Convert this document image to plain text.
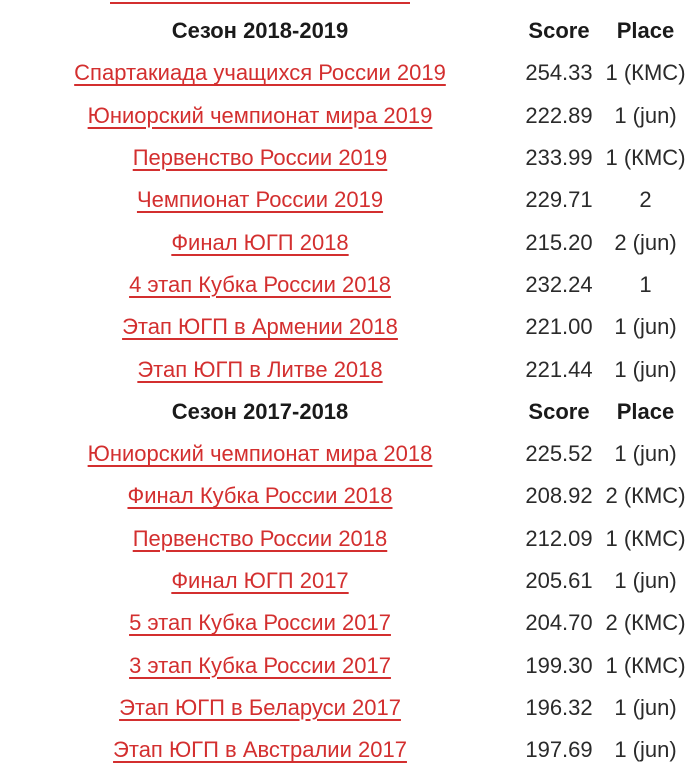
Сезон 2018-2019	Score	Place
Спартакиада учащихся России 2019	254.33	1 (КМС)
Юниорский чемпионат мира 2019	222.89	1 (jun)
Первенство России 2019	233.99	1 (КМС)
Чемпионат России 2019	229.71	2
Финал ЮГП 2018	215.20	2 (jun)
4 этап Кубка России 2018	232.24	1
Этап ЮГП в Армении 2018	221.00	1 (jun)
Этап ЮГП в Литве 2018	221.44	1 (jun)
Сезон 2017-2018	Score	Place
Юниорский чемпионат мира 2018	225.52	1 (jun)
Финал Кубка России 2018	208.92	2 (КМС)
Первенство России 2018	212.09	1 (КМС)
Финал ЮГП 2017	205.61	1 (jun)
5 этап Кубка России 2017	204.70	2 (КМС)
3 этап Кубка России 2017	199.30	1 (КМС)
Этап ЮГП в Беларуси 2017	196.32	1 (jun)
Этап ЮГП в Австралии 2017	197.69	1 (jun)
